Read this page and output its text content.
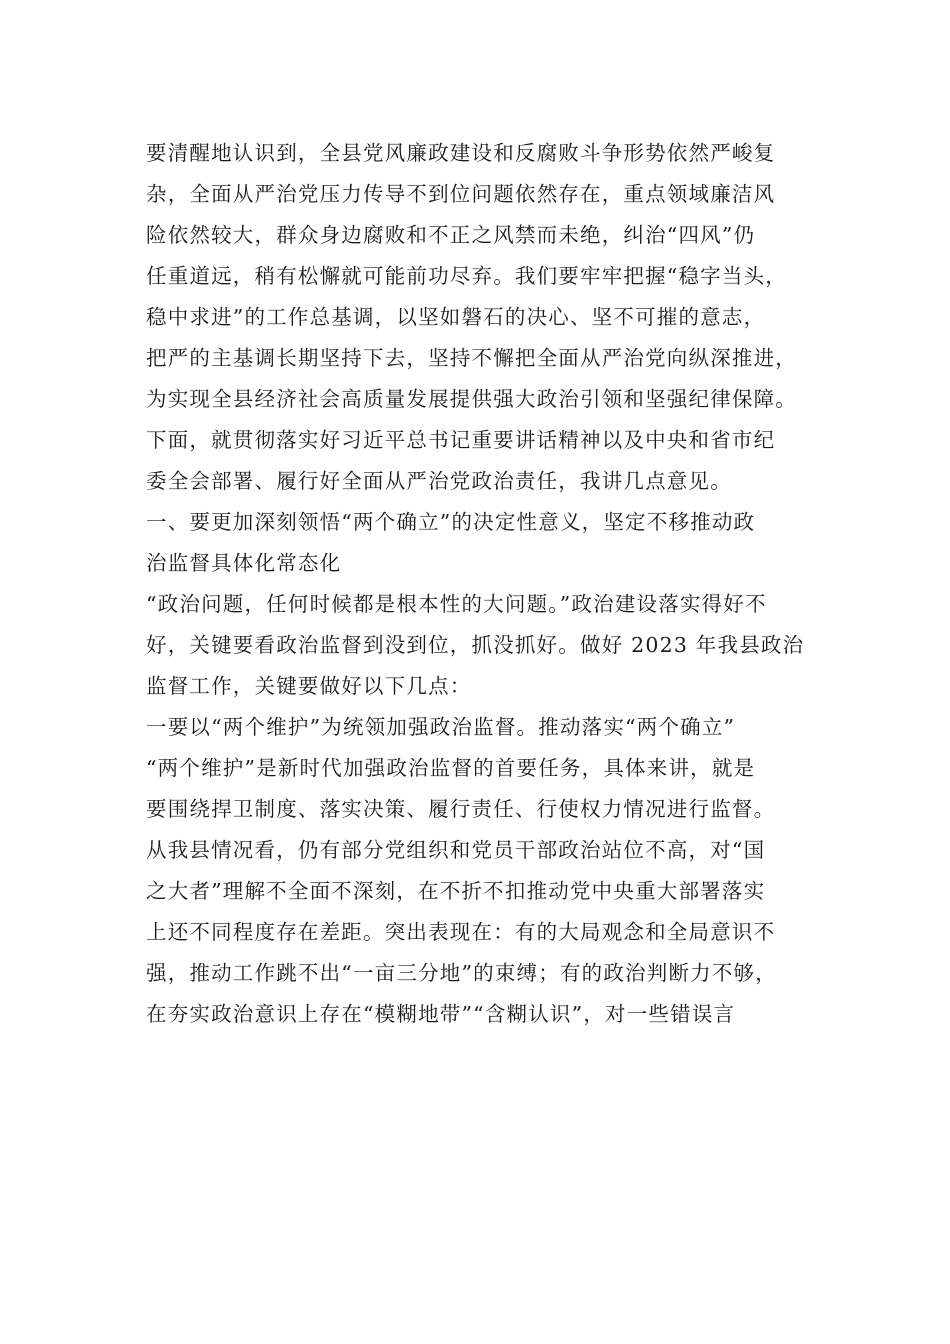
要清醒地认识到，全县党风廉政建设和反腐败斗争形势依然严峻复
杂，全面从严治党压力传导不到位问题依然存在，重点领域廉洁风
险依然较大，群众身边腐败和不正之风禁而未绝，纠治“四风”仍
任重道远，稍有松懈就可能前功尽弃。我们要牢牢把握“稳字当头，
稳中求进”的工作总基调，以坚如磐石的决心、坚不可摧的意志，
把严的主基调长期坚持下去，坚持不懈把全面从严治党向纵深推进，
为实现全县经济社会高质量发展提供强大政治引领和坚强纪律保障。
下面，就贯彻落实好习近平总书记重要讲话精神以及中央和省市纪
委全会部署、履行好全面从严治党政治责任，我讲几点意见。
一、要更加深刻领悟“两个确立”的决定性意义，坚定不移推动政
治监督具体化常态化
“政治问题，任何时候都是根本性的大问题。”政治建设落实得好不
好，关键要看政治监督到没到位，抓没抓好。做好 2023 年我县政治
监督工作，关键要做好以下几点：
一要以“两个维护”为统领加强政治监督。推动落实“两个确立”
“两个维护”是新时代加强政治监督的首要任务，具体来讲，就是
要围绕捍卫制度、落实决策、履行责任、行使权力情况进行监督。
从我县情况看，仍有部分党组织和党员干部政治站位不高，对“国
之大者”理解不全面不深刻，在不折不扣推动党中央重大部署落实
上还不同程度存在差距。突出表现在：有的大局观念和全局意识不
强，推动工作跳不出“一亩三分地”的束缚；有的政治判断力不够，
在夯实政治意识上存在“模糊地带”“含糊认识”，对一些错误言
